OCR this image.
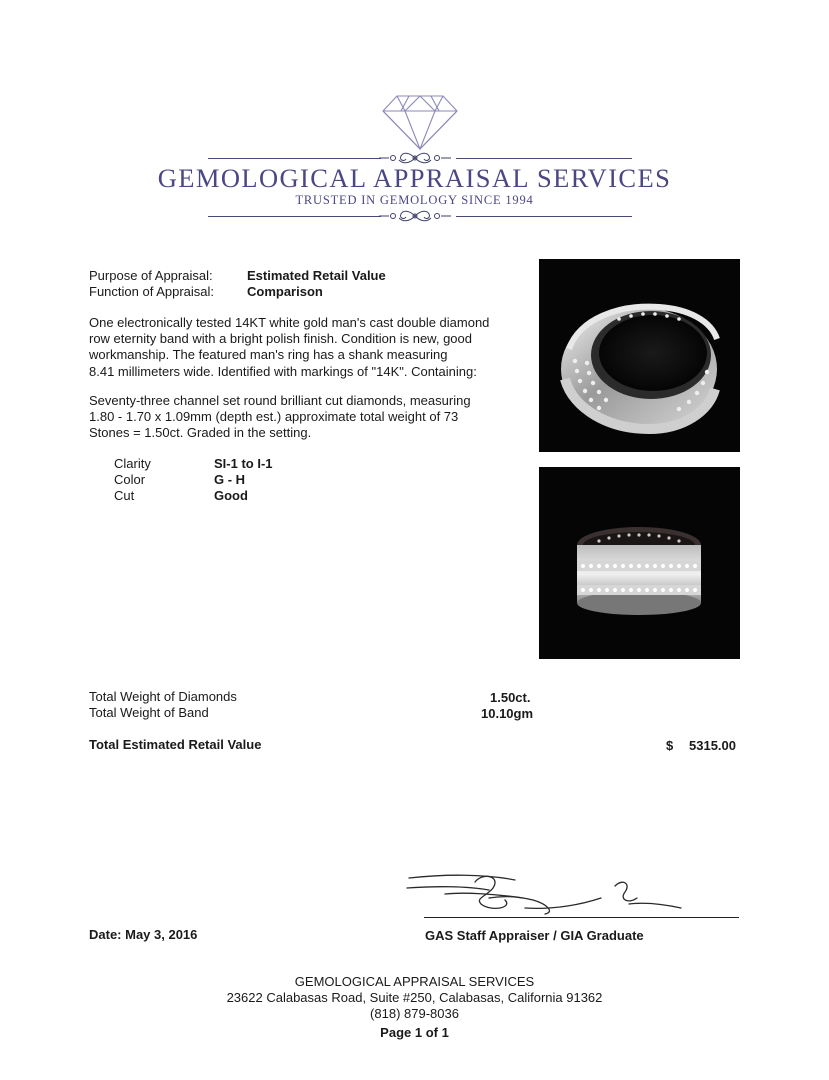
GEMOLOGICAL APPRAISAL SERVICES
TRUSTED IN GEMOLOGY SINCE 1994
Purpose of Appraisal:	Estimated Retail Value
Function of Appraisal:	Comparison
One electronically tested 14KT white gold man's cast double diamond
row eternity band with a bright polish finish. Condition is new, good
workmanship. The featured man's ring has a shank measuring
8.41 millimeters wide. Identified with markings of "14K". Containing:
Seventy-three channel set round brilliant cut diamonds, measuring
1.80 - 1.70 x 1.09mm (depth est.) approximate total weight of 73
Stones = 1.50ct. Graded in the setting.
Clarity	SI-1 to I-1
Color	G - H
Cut	Good
Total Weight of Diamonds	1.50ct.
Total Weight of Band	10.10gm
Total Estimated Retail Value	$ 5315.00
Date: May 3, 2016	GAS Staff Appraiser / GIA Graduate
GEMOLOGICAL APPRAISAL SERVICES
23622 Calabasas Road, Suite #250, Calabasas, California 91362
(818) 879-8036
Page 1 of 1
